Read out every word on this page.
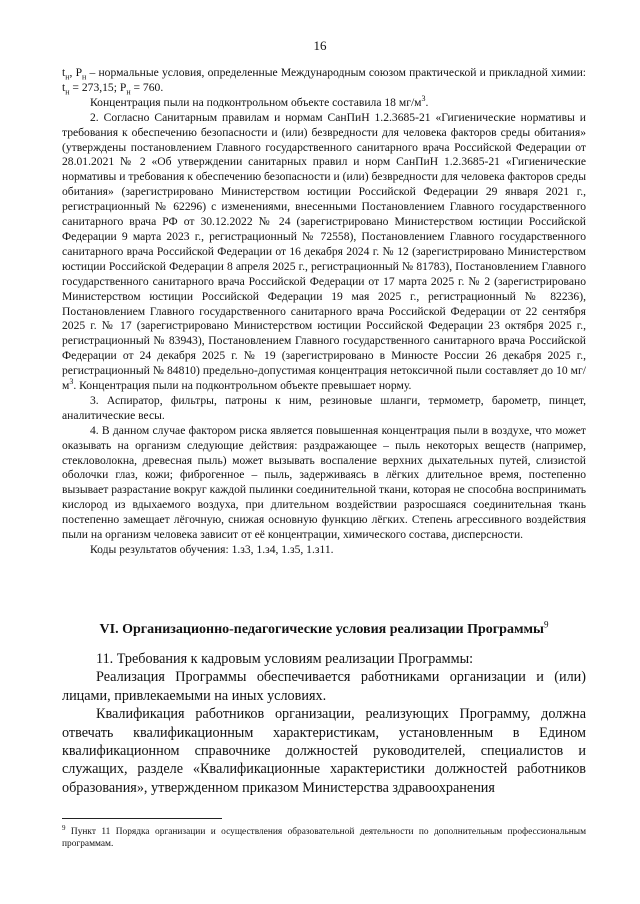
16

$t_н$, $P_н$ – нормальные условия, определенные Международным союзом практической и прикладной химии: $t_н = 273,15$; $P_н = 760$.

Концентрация пыли на подконтрольном объекте составила 18 $мг/м^3$.

2. Согласно Санитарным правилам и нормам СанПиН 1.2.3685-21 «Гигиенические нормативы и требования к обеспечению безопасности и (или) безвредности для человека факторов среды обитания» (утверждены постановлением Главного государственного санитарного врача Российской Федерации от 28.01.2021 № 2 «Об утверждении санитарных правил и норм СанПиН 1.2.3685-21 «Гигиенические нормативы и требования к обеспечению безопасности и (или) безвредности для человека факторов среды обитания» (зарегистрировано Министерством юстиции Российской Федерации 29 января 2021 г., регистрационный № 62296) с изменениями, внесенными Постановлением Главного государственного санитарного врача РФ от 30.12.2022 № 24 (зарегистрировано Министерством юстиции Российской Федерации 9 марта 2023 г., регистрационный № 72558), Постановлением Главного государственного санитарного врача Российской Федерации от 16 декабря 2024 г. № 12 (зарегистрировано Министерством юстиции Российской Федерации 8 апреля 2025 г., регистрационный № 81783), Постановлением Главного государственного санитарного врача Российской Федерации от 17 марта 2025 г. № 2 (зарегистрировано Министерством юстиции Российской Федерации 19 мая 2025 г., регистрационный № 82236), Постановлением Главного государственного санитарного врача Российской Федерации от 22 сентября 2025 г. № 17 (зарегистрировано Министерством юстиции Российской Федерации 23 октября 2025 г., регистрационный № 83943), Постановлением Главного государственного санитарного врача Российской Федерации от 24 декабря 2025 г. № 19 (зарегистрировано в Минюсте России 26 декабря 2025 г., регистрационный № 84810) предельно-допустимая концентрация нетоксичной пыли составляет до 10 $мг/м^3$. Концентрация пыли на подконтрольном объекте превышает норму.

3. Аспиратор, фильтры, патроны к ним, резиновые шланги, термометр, барометр, пинцет, аналитические весы.

4. В данном случае фактором риска является повышенная концентрация пыли в воздухе, что может оказывать на организм следующие действия: раздражающее – пыль некоторых веществ (например, стекловолокна, древесная пыль) может вызывать воспаление верхних дыхательных путей, слизистой оболочки глаз, кожи; фиброгенное – пыль, задерживаясь в лёгких длительное время, постепенно вызывает разрастание вокруг каждой пылинки соединительной ткани, которая не способна воспринимать кислород из вдыхаемого воздуха, при длительном воздействии разросшаяся соединительная ткань постепенно замещает лёгочную, снижая основную функцию лёгких. Степень агрессивного воздействия пыли на организм человека зависит от её концентрации, химического состава, дисперсности.

Коды результатов обучения: 1.з3, 1.з4, 1.з5, 1.з11.

VI. Организационно-педагогические условия реализации Программы$^9$

11. Требования к кадровым условиям реализации Программы:

Реализация Программы обеспечивается работниками организации и (или) лицами, привлекаемыми на иных условиях.

Квалификация работников организации, реализующих Программу, должна отвечать квалификационным характеристикам, установленным в Едином квалификационном справочнике должностей руководителей, специалистов и служащих, разделе «Квалификационные характеристики должностей работников образования», утвержденном приказом Министерства здравоохранения

$^9$ Пункт 11 Порядка организации и осуществления образовательной деятельности по дополнительным профессиональным программам.
